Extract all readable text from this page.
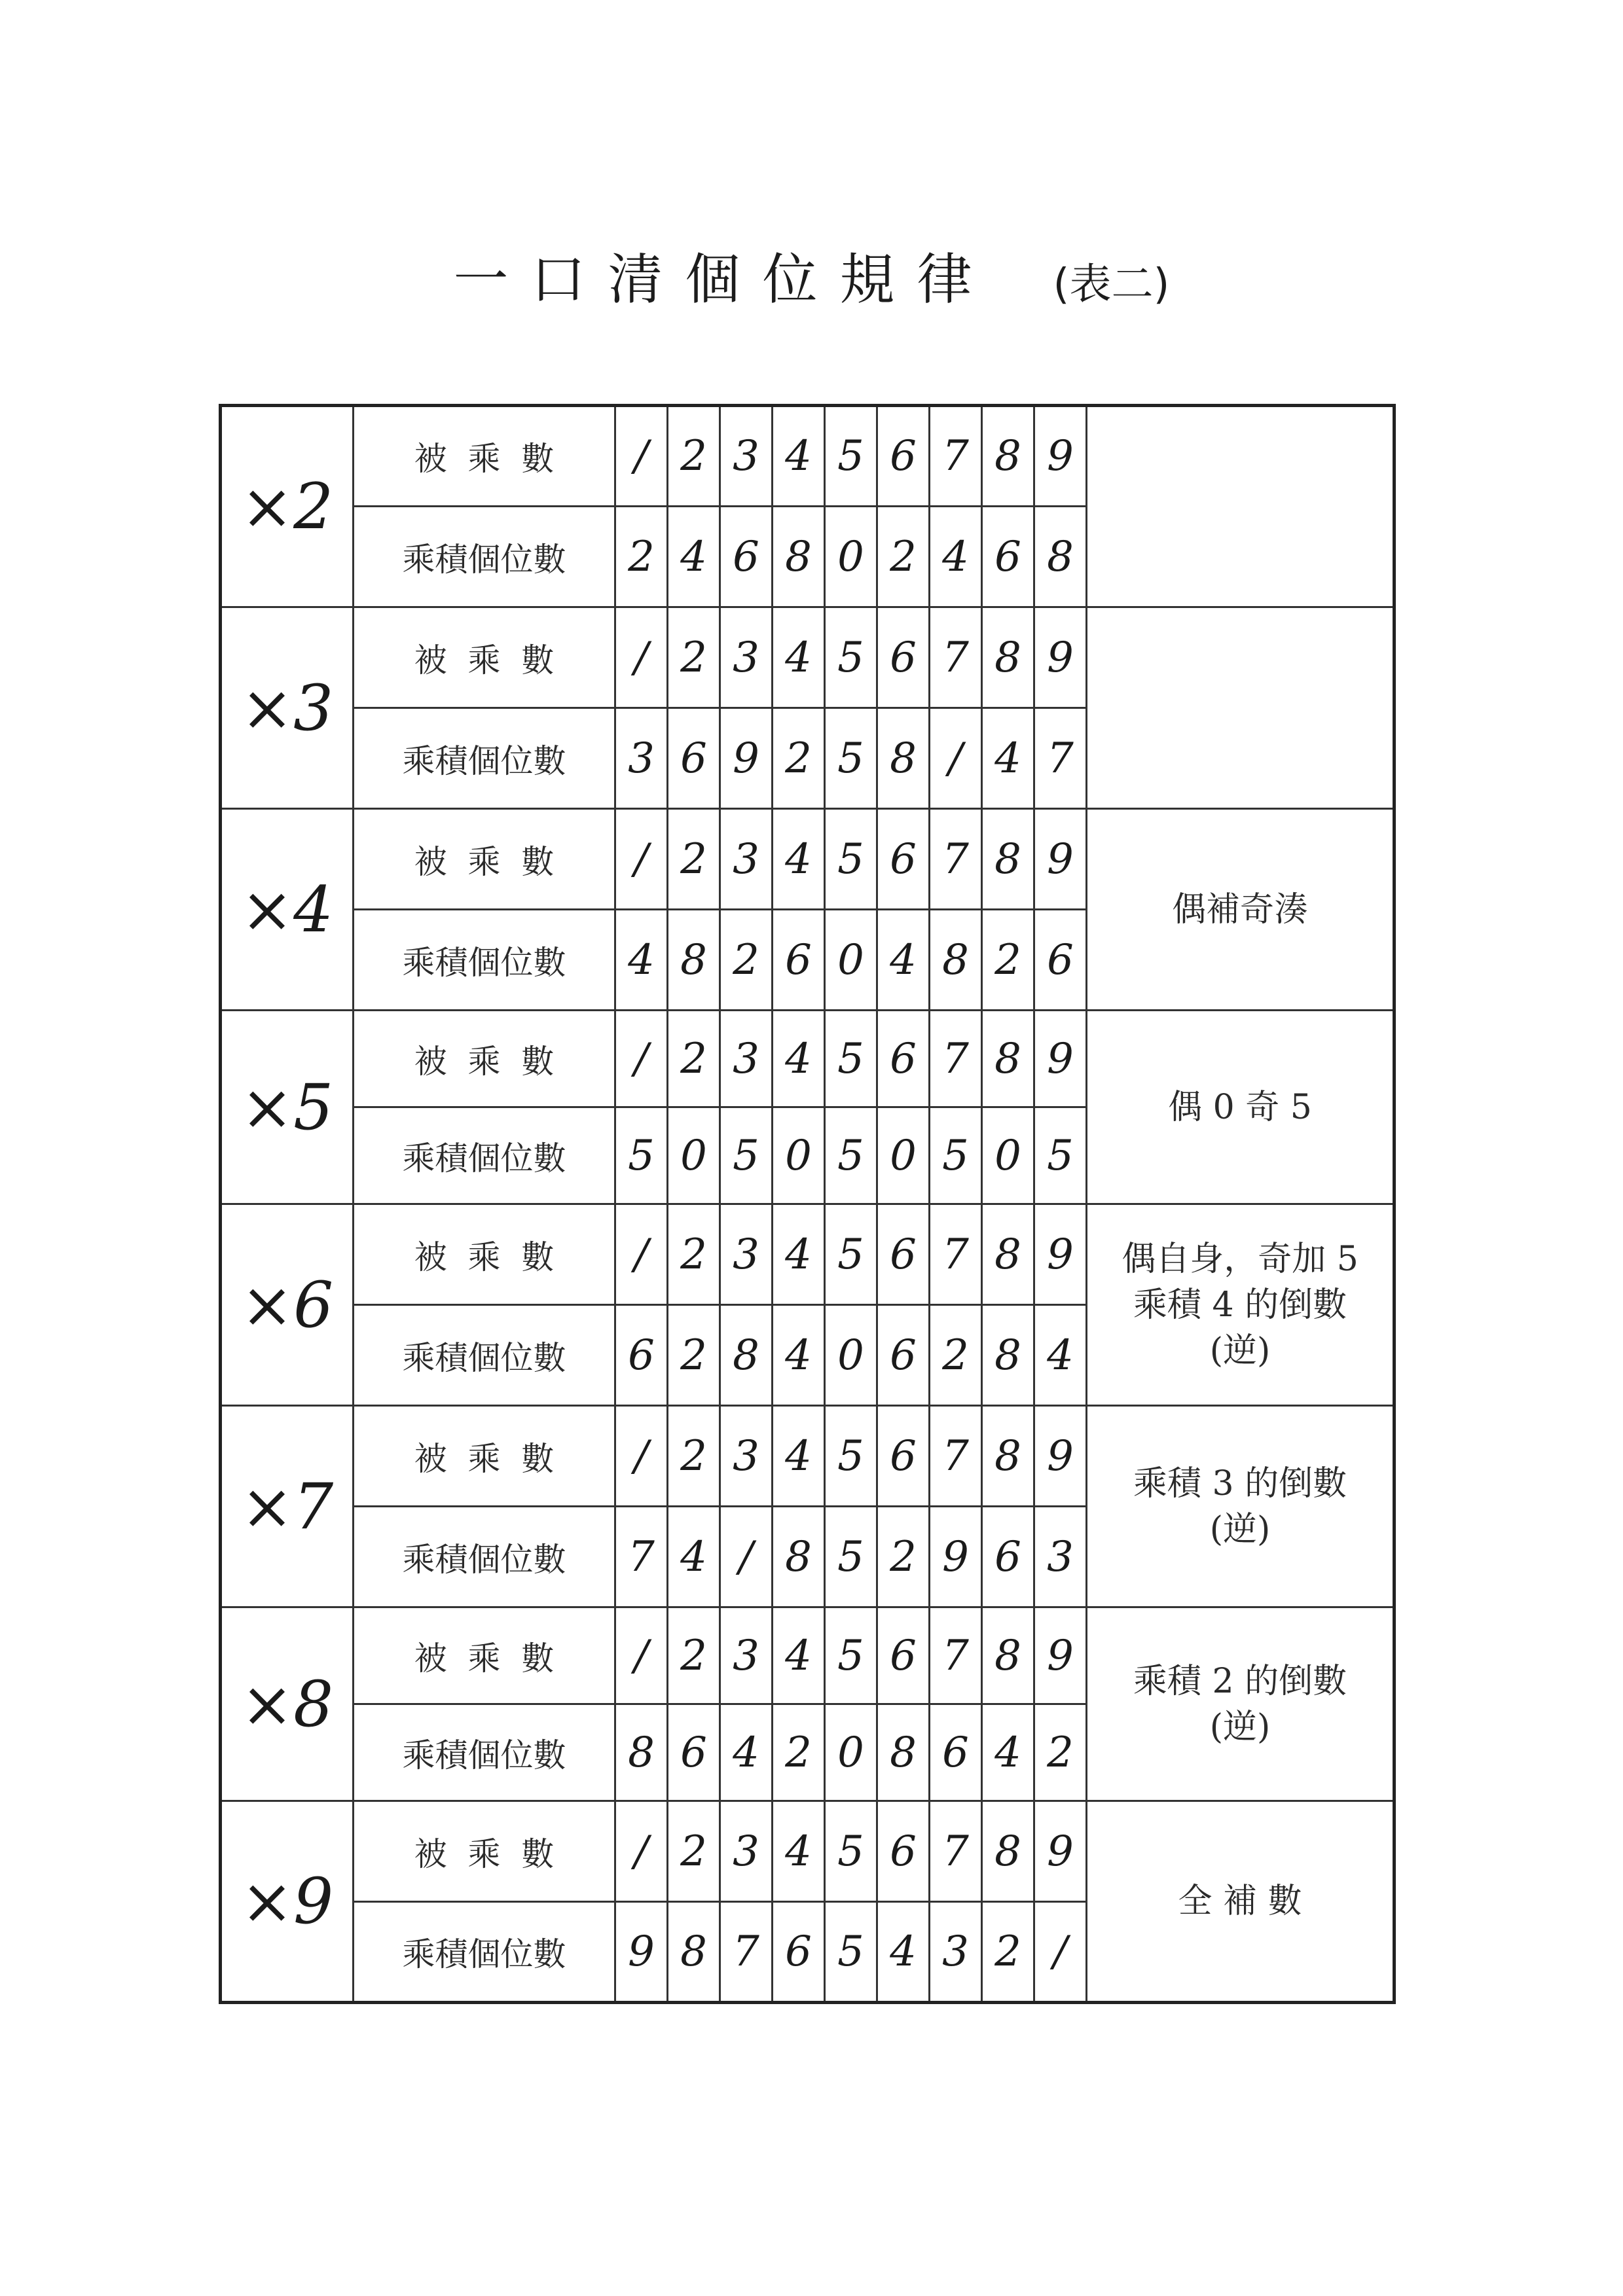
一口清個位規律 (表二)
×2	被  乘  數	/	2	3	4	5	6	7	8	9	
	乘積個位數	2	4	6	8	0	2	4	6	8	
×3	被  乘  數	/	2	3	4	5	6	7	8	9	
	乘積個位數	3	6	9	2	5	8	/	4	7	
×4	被  乘  數	/	2	3	4	5	6	7	8	9	偶補奇湊
	乘積個位數	4	8	2	6	0	4	8	2	6	
×5	被  乘  數	/	2	3	4	5	6	7	8	9	偶 0 奇 5
	乘積個位數	5	0	5	0	5	0	5	0	5	
×6	被  乘  數	/	2	3	4	5	6	7	8	9	偶自身，奇加 5
乘積 4 的倒數
(逆)
	乘積個位數	6	2	8	4	0	6	2	8	4	
×7	被  乘  數	/	2	3	4	5	6	7	8	9	乘積 3 的倒數
(逆)
	乘積個位數	7	4	/	8	5	2	9	6	3	
×8	被  乘  數	/	2	3	4	5	6	7	8	9	乘積 2 的倒數
(逆)
	乘積個位數	8	6	4	2	0	8	6	4	2	
×9	被  乘  數	/	2	3	4	5	6	7	8	9	全 補 數
	乘積個位數	9	8	7	6	5	4	3	2	/	
